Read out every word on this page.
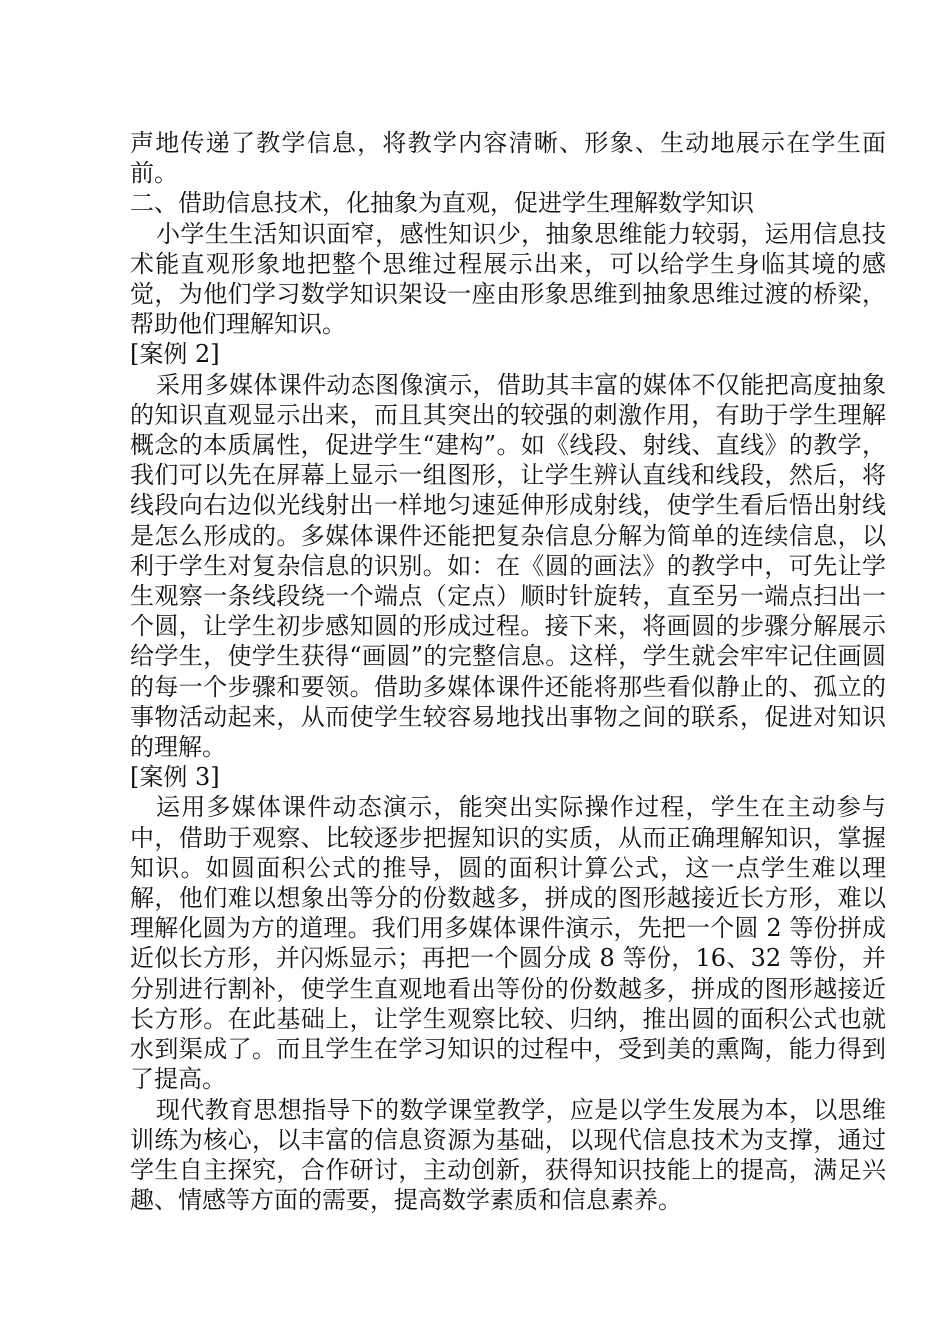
声地传递了教学信息，将教学内容清晰、形象、生动地展示在学生面前。

二、借助信息技术，化抽象为直观，促进学生理解数学知识

小学生生活知识面窄，感性知识少，抽象思维能力较弱，运用信息技术能直观形象地把整个思维过程展示出来，可以给学生身临其境的感觉，为他们学习数学知识架设一座由形象思维到抽象思维过渡的桥梁，帮助他们理解知识。

[案例 2]

采用多媒体课件动态图像演示，借助其丰富的媒体不仅能把高度抽象的知识直观显示出来，而且其突出的较强的刺激作用，有助于学生理解概念的本质属性，促进学生“建构”。如《线段、射线、直线》的教学，我们可以先在屏幕上显示一组图形，让学生辨认直线和线段，然后，将线段向右边似光线射出一样地匀速延伸形成射线，使学生看后悟出射线是怎么形成的。多媒体课件还能把复杂信息分解为简单的连续信息，以利于学生对复杂信息的识别。如：在《圆的画法》的教学中，可先让学生观察一条线段绕一个端点（定点）顺时针旋转，直至另一端点扫出一个圆，让学生初步感知圆的形成过程。接下来，将画圆的步骤分解展示给学生，使学生获得“画圆”的完整信息。这样，学生就会牢牢记住画圆的每一个步骤和要领。借助多媒体课件还能将那些看似静止的、孤立的事物活动起来，从而使学生较容易地找出事物之间的联系，促进对知识的理解。

[案例 3]

运用多媒体课件动态演示，能突出实际操作过程，学生在主动参与中，借助于观察、比较逐步把握知识的实质，从而正确理解知识，掌握知识。如圆面积公式的推导，圆的面积计算公式，这一点学生难以理解，他们难以想象出等分的份数越多，拼成的图形越接近长方形，难以理解化圆为方的道理。我们用多媒体课件演示，先把一个圆 2 等份拼成近似长方形，并闪烁显示；再把一个圆分成 8 等份，16、32 等份，并分别进行割补，使学生直观地看出等份的份数越多，拼成的图形越接近长方形。在此基础上，让学生观察比较、归纳，推出圆的面积公式也就水到渠成了。而且学生在学习知识的过程中，受到美的熏陶，能力得到了提高。

现代教育思想指导下的数学课堂教学，应是以学生发展为本，以思维训练为核心，以丰富的信息资源为基础，以现代信息技术为支撑，通过学生自主探究，合作研讨，主动创新，获得知识技能上的提高，满足兴趣、情感等方面的需要，提高数学素质和信息素养。
